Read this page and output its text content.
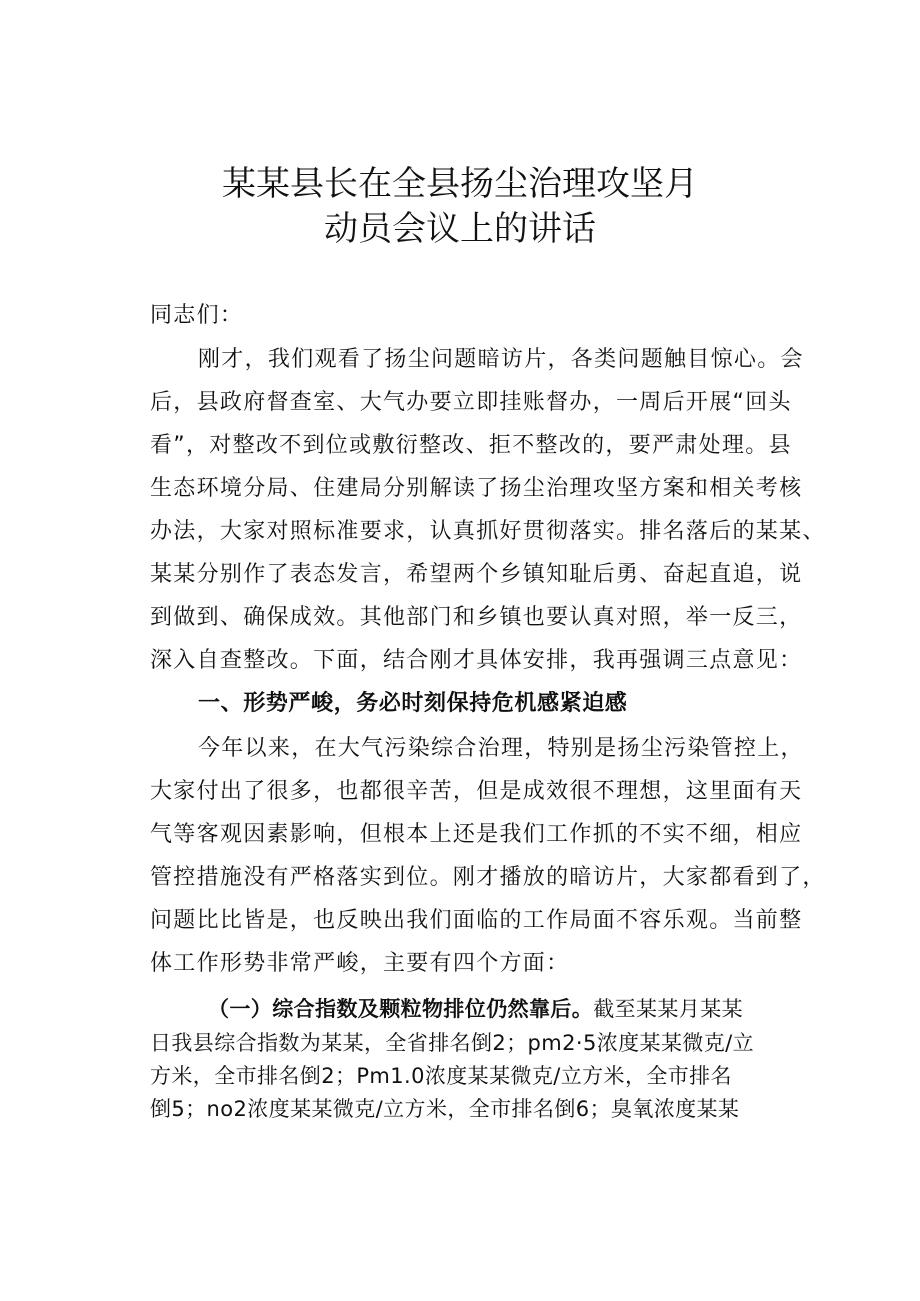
某某县长在全县扬尘治理攻坚月
动员会议上的讲话
同志们：
刚才，我们观看了扬尘问题暗访片，各类问题触目惊心。会
后，县政府督查室、大气办要立即挂账督办，一周后开展“回头
看”，对整改不到位或敷衍整改、拒不整改的，要严肃处理。县
生态环境分局、住建局分别解读了扬尘治理攻坚方案和相关考核
办法，大家对照标准要求，认真抓好贯彻落实。排名落后的某某、
某某分别作了表态发言，希望两个乡镇知耻后勇、奋起直追，说
到做到、确保成效。其他部门和乡镇也要认真对照，举一反三，
深入自查整改。下面，结合刚才具体安排，我再强调三点意见：
一、形势严峻，务必时刻保持危机感紧迫感
今年以来，在大气污染综合治理，特别是扬尘污染管控上，
大家付出了很多，也都很辛苦，但是成效很不理想，这里面有天
气等客观因素影响，但根本上还是我们工作抓的不实不细，相应
管控措施没有严格落实到位。刚才播放的暗访片，大家都看到了，
问题比比皆是，也反映出我们面临的工作局面不容乐观。当前整
体工作形势非常严峻，主要有四个方面：
（一）综合指数及颗粒物排位仍然靠后。截至某某月某某
日我县综合指数为某某，全省排名倒2；pm2·5浓度某某微克/立
方米，全市排名倒2；Pm1.0浓度某某微克/立方米，全市排名
倒5；no2浓度某某微克/立方米，全市排名倒6；臭氧浓度某某
